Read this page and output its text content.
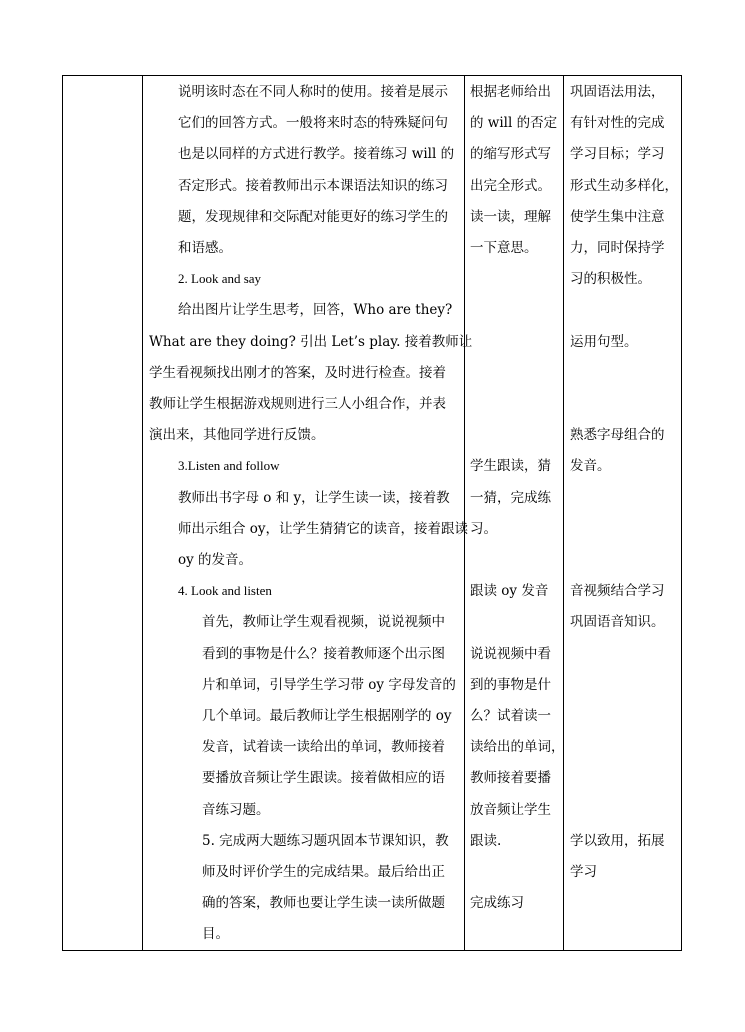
说明该时态在不同人称时的使用。接着是展示
它们的回答方式。一般将来时态的特殊疑问句
也是以同样的方式进行教学。接着练习 will 的
否定形式。接着教师出示本课语法知识的练习
题，发现规律和交际配对能更好的练习学生的
和语感。
2. Look and say
给出图片让学生思考，回答，Who are they?
What are they doing? 引出 Let’s play. 接着教师让
学生看视频找出刚才的答案，及时进行检查。接着
教师让学生根据游戏规则进行三人小组合作，并表
演出来，其他同学进行反馈。
3.Listen and follow
教师出书字母 o 和 y，让学生读一读，接着教
师出示组合 oy，让学生猜猜它的读音，接着跟读
oy 的发音。
4. Look and listen
首先，教师让学生观看视频，说说视频中
看到的事物是什么？接着教师逐个出示图
片和单词，引导学生学习带 oy 字母发音的
几个单词。最后教师让学生根据刚学的 oy
发音，试着读一读给出的单词，教师接着
要播放音频让学生跟读。接着做相应的语
音练习题。
5. 完成两大题练习题巩固本节课知识，教
师及时评价学生的完成结果。最后给出正
确的答案，教师也要让学生读一读所做题
目。
根据老师给出
的 will 的否定
的缩写形式写
出完全形式。
读一读，理解
一下意思。
学生跟读，猜
一猜，完成练
习。
跟读 oy 发音
说说视频中看
到的事物是什
么？试着读一
读给出的单词，
教师接着要播
放音频让学生
跟读.
完成练习
巩固语法用法，
有针对性的完成
学习目标；学习
形式生动多样化，
使学生集中注意
力，同时保持学
习的积极性。
运用句型。
熟悉字母组合的
发音。
音视频结合学习
巩固语音知识。
学以致用，拓展
学习
